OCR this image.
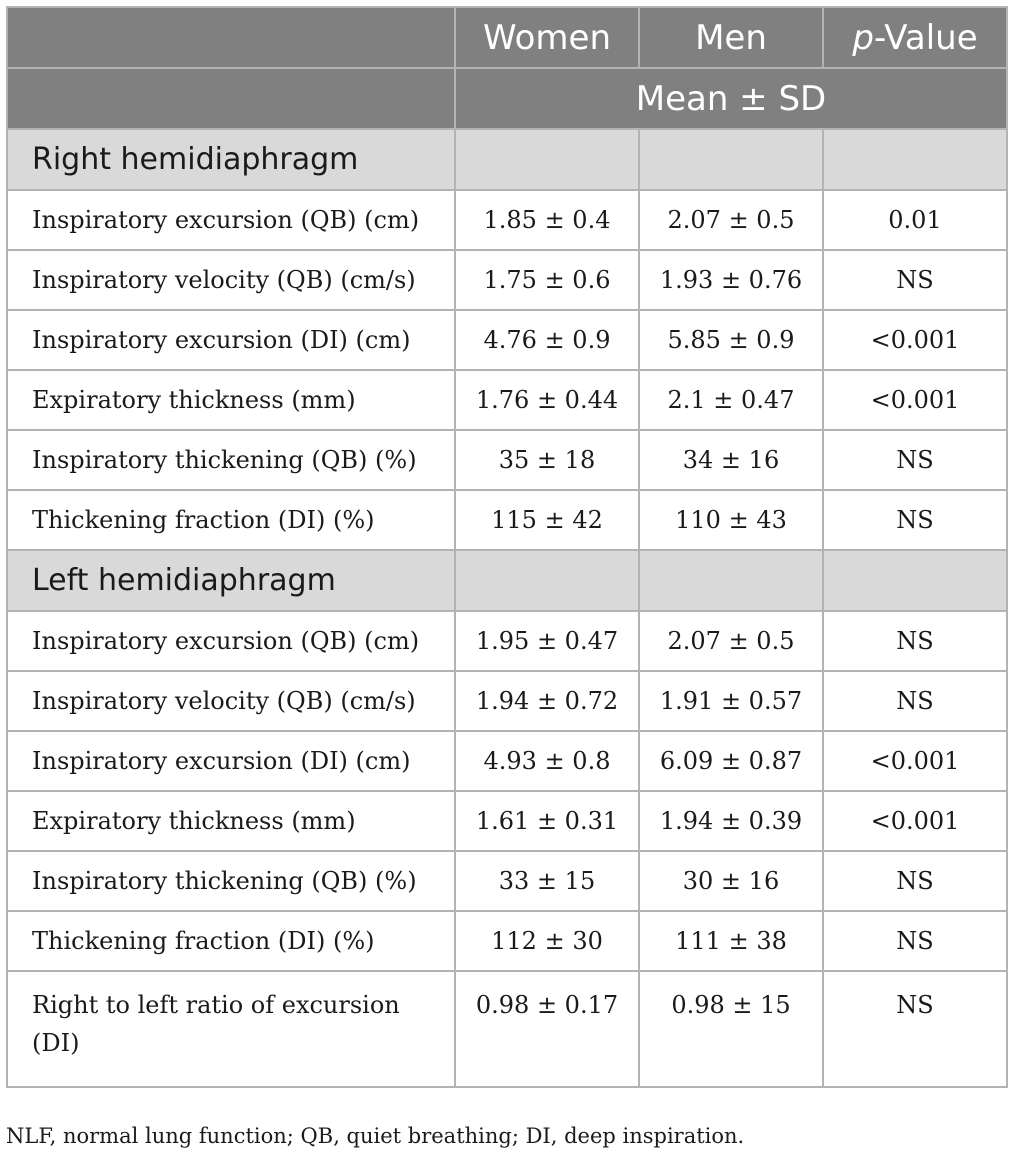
	Women	Men	p-Value
	Mean ± SD		
Right hemidiaphragm			
Inspiratory excursion (QB) (cm)	1.85 ± 0.4	2.07 ± 0.5	0.01
Inspiratory velocity (QB) (cm/s)	1.75 ± 0.6	1.93 ± 0.76	NS
Inspiratory excursion (DI) (cm)	4.76 ± 0.9	5.85 ± 0.9	<0.001
Expiratory thickness (mm)	1.76 ± 0.44	2.1 ± 0.47	<0.001
Inspiratory thickening (QB) (%)	35 ± 18	34 ± 16	NS
Thickening fraction (DI) (%)	115 ± 42	110 ± 43	NS
Left hemidiaphragm			
Inspiratory excursion (QB) (cm)	1.95 ± 0.47	2.07 ± 0.5	NS
Inspiratory velocity (QB) (cm/s)	1.94 ± 0.72	1.91 ± 0.57	NS
Inspiratory excursion (DI) (cm)	4.93 ± 0.8	6.09 ± 0.87	<0.001
Expiratory thickness (mm)	1.61 ± 0.31	1.94 ± 0.39	<0.001
Inspiratory thickening (QB) (%)	33 ± 15	30 ± 16	NS
Thickening fraction (DI) (%)	112 ± 30	111 ± 38	NS
Right to left ratio of excursion (DI)	0.98 ± 0.17	0.98 ± 15	NS
NLF, normal lung function; QB, quiet breathing; DI, deep inspiration.
